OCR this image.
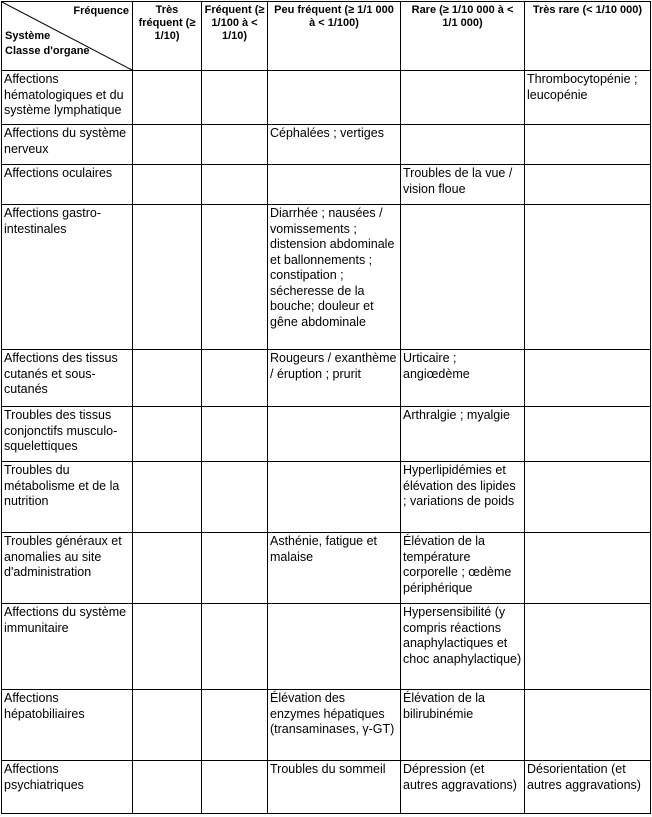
Fréquence
Système
Classe d'organe	Très fréquent (≥ 1/10)	Fréquent (≥ 1/100 à < 1/10)	Peu fréquent (≥ 1/1 000 à < 1/100)	Rare (≥ 1/10 000 à < 1/1 000)	Très rare (< 1/10 000)
Affections hématologiques et du système lymphatique					Thrombocytopénie ; leucopénie
Affections du système nerveux			Céphalées ; vertiges		
Affections oculaires				Troubles de la vue / vision floue	
Affections gastro-intestinales			Diarrhée ; nausées / vomissements ; distension abdominale et ballonnements ; constipation ; sécheresse de la bouche; douleur et gêne abdominale		
Affections des tissus cutanés et sous-cutanés			Rougeurs / exanthème / éruption ; prurit	Urticaire ; angiœdème	
Troubles des tissus conjonctifs musculo-squelettiques				Arthralgie ; myalgie	
Troubles du métabolisme et de la nutrition				Hyperlipidémies et élévation des lipides ; variations de poids	
Troubles généraux et anomalies au site d'administration			Asthénie, fatigue et malaise	Élévation de la température corporelle ; œdème périphérique	
Affections du système immunitaire				Hypersensibilité (y compris réactions anaphylactiques et choc anaphylactique)	
Affections hépatobiliaires			Élévation des enzymes hépatiques (transaminases, γ-GT)	Élévation de la bilirubinémie	
Affections psychiatriques			Troubles du sommeil	Dépression (et autres aggravations)	Désorientation (et autres aggravations)
